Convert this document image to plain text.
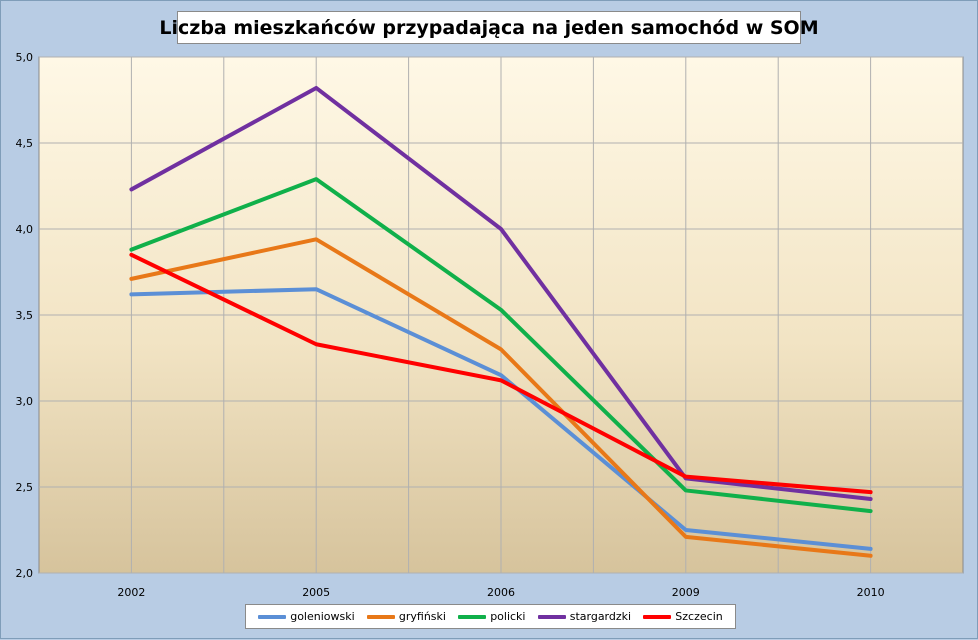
2,0
2,5
3,0
3,5
4,0
4,5
5,0
2002	2005	2006	2009	2010
Liczba mieszkańców przypadająca na jeden samochód w SOM
goleniowski	gryfiński	policki	stargardzki	Szczecin
